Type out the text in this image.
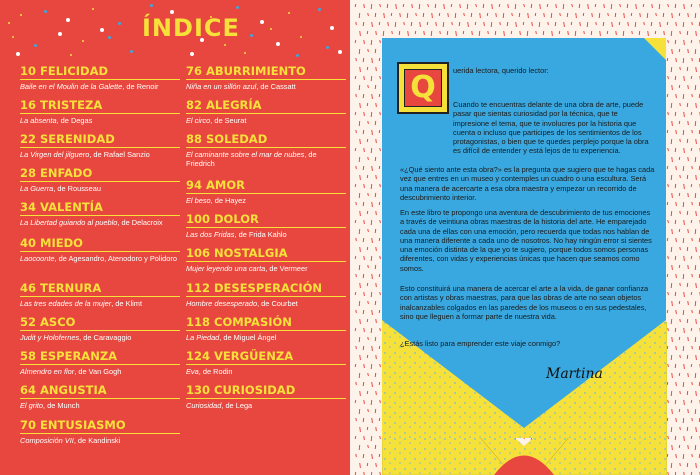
ÍNDICE
10 FELICIDAD
Baile en el Moulin de la Galette, de Renoir
16 TRISTEZA
La absenta, de Degas
22 SERENIDAD
La Virgen del jilguero, de Rafael Sanzio
28 ENFADO
La Guerra, de Rousseau
34 VALENTÍA
La Libertad guiando al pueblo, de Delacroix
40 MIEDO
Laocoonte, de Agesandro, Atenodoro y Polidoro
46 TERNURA
Las tres edades de la mujer, de Klimt
52 ASCO
Judit y Holofernes, de Caravaggio
58 ESPERANZA
Almendro en flor, de Van Gogh
64 ANGUSTIA
El grito, de Munch
70 ENTUSIASMO
Composición VII, de Kandinski
76 ABURRIMIENTO
Niña en un sillón azul, de Cassatt
82 ALEGRÍA
El circo, de Seurat
88 SOLEDAD
El caminante sobre el mar de nubes, de Friedrich
94 AMOR
El beso, de Hayez
100 DOLOR
Las dos Fridas, de Frida Kahlo
106 NOSTALGIA
Mujer leyendo una carta, de Vermeer
112 DESESPERACIÓN
Hombre desesperado, de Courbet
118 COMPASIÓN
La Piedad, de Miguel Ángel
124 VERGÜENZA
Eva, de Rodin
130 CURIOSIDAD
Curiosidad, de Lega
Q	uerida lectora, querido lector:
Cuando te encuentras delante de una obra de arte, puede pasar que sientas curiosidad por la técnica, que te impresione el tema, que te involucres por la historia que cuenta o incluso que participes de los sentimientos de los protagonistas, o bien que te quedes perplejo porque la obra es difícil de entender y está lejos de tu experiencia.
«¿Qué siento ante esta obra?» es la pregunta que sugiero que te hagas cada vez que entres en un museo y contemples un cuadro o una escultura. Será una manera de acercarte a esa obra maestra y empezar un recorrido de descubrimiento interior.
En este libro te propongo una aventura de descubrimiento de tus emociones a través de veintiuna obras maestras de la historia del arte. He emparejado cada una de ellas con una emoción, pero recuerda que todas nos hablan de una manera diferente a cada uno de nosotros. No hay ningún error si sientes una emoción distinta de la que yo te sugiero, porque todos somos personas diferentes, con vidas y experiencias únicas que hacen que seamos como somos.
Esto constituirá una manera de acercar el arte a la vida, de ganar confianza con artistas y obras maestras, para que las obras de arte no sean objetos inalcanzables colgados en las paredes de los museos o en sus pedestales, sino que lleguen a formar parte de nuestra vida.
¿Estás listo para emprender este viaje conmigo?
Martina
